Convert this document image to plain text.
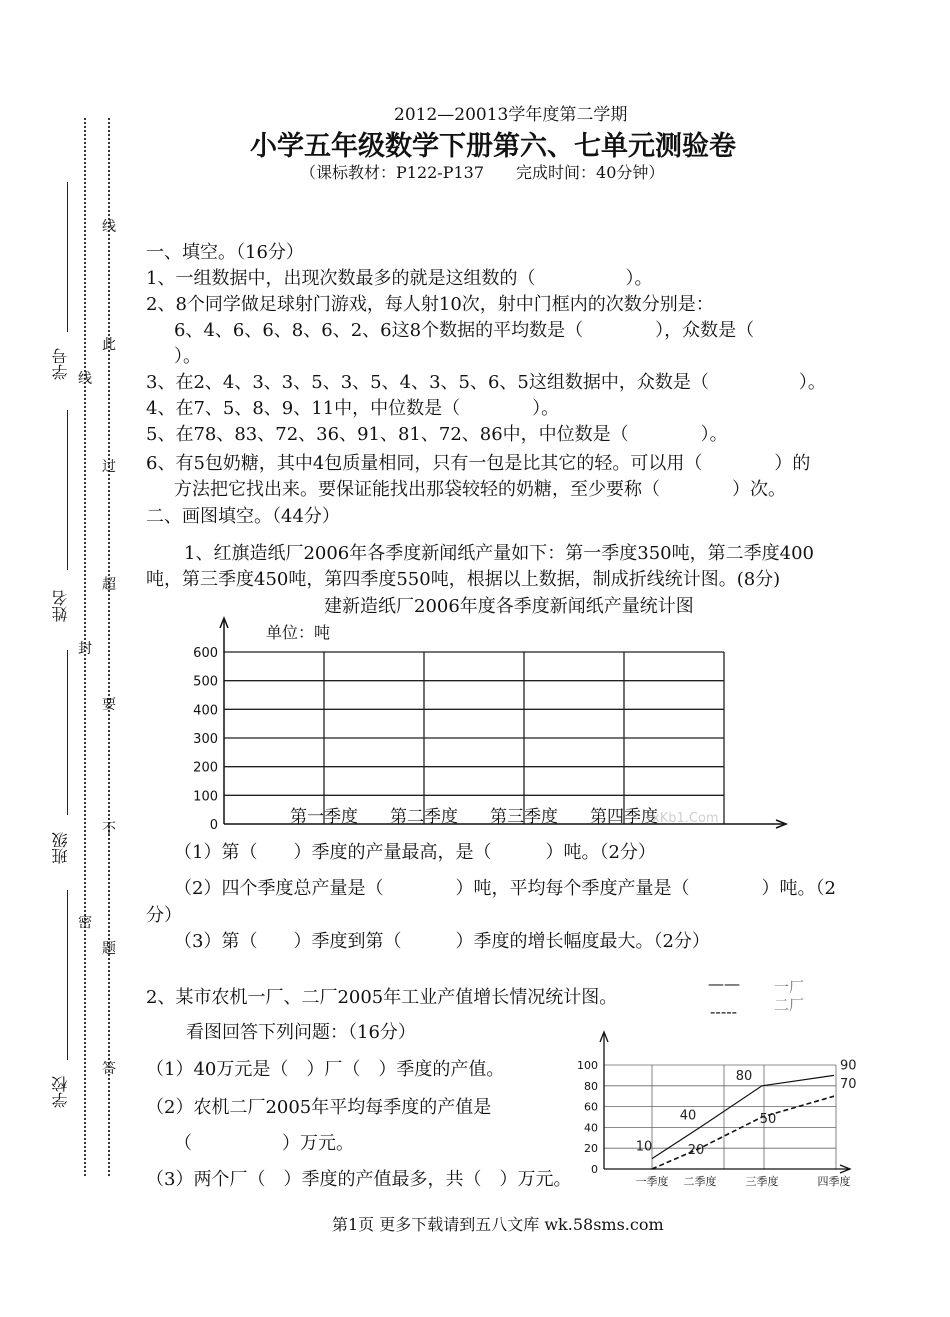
学号
姓名
班级
学校
线
封
密
线
此
过
超
要
不
题
答
2012—20013学年度第二学期
小学五年级数学下册第六、七单元测验卷
（课标教材：P122-P137　　完成时间：40分钟）
一、填空。（16分）
1、一组数据中，出现次数最多的就是这组数的（　　　　　）。
2、8个同学做足球射门游戏，每人射10次，射中门框内的次数分别是：
6、4、6、6、8、6、2、6这8个数据的平均数是（　　　　），众数是（
）。
3、在2、4、3、3、5、3、5、4、3、5、6、5这组数据中，众数是（　　　　　）。
4、在7、5、8、9、11中，中位数是（　　　　）。
5、在78、83、72、36、91、81、72、86中，中位数是（　　　　）。
6、有5包奶糖，其中4包质量相同，只有一包是比其它的轻。可以用（　　　　）的
方法把它找出来。要保证能找出那袋较轻的奶糖，至少要称（　　　　）次。
二、画图填空。（44分）
1、红旗造纸厂2006年各季度新闻纸产量如下：第一季度350吨，第二季度400
吨，第三季度450吨，第四季度550吨，根据以上数据，制成折线统计图。(8分)
建新造纸厂2006年度各季度新闻纸产量统计图
0
100
200
300
400
500
600
第一季度 第二季度 第三季度 第四季度
单位：吨
xKb1.Com
（1）第（　　）季度的产量最高，是（　　　）吨。（2分）
（2）四个季度总产量是（　　　　）吨，平均每个季度产量是（　　　　）吨。（2
分）
（3）第（　　）季度到第（　　　）季度的增长幅度最大。（2分）
2、某市农机一厂、二厂2005年工业产值增长情况统计图。
——
-----
一厂
二厂
看图回答下列问题：（16分）
（1）40万元是（　）厂（　）季度的产值。
（2）农机二厂2005年平均每季度的产值是
（　　　　　）万元。
（3）两个厂（　）季度的产值最多，共（　）万元。 0
20
40
60
80
100
一季度 二季度	三季度	四季度
10
40
80
90
20
50
70
第1页 更多下载请到五八文库 wk.58sms.com
